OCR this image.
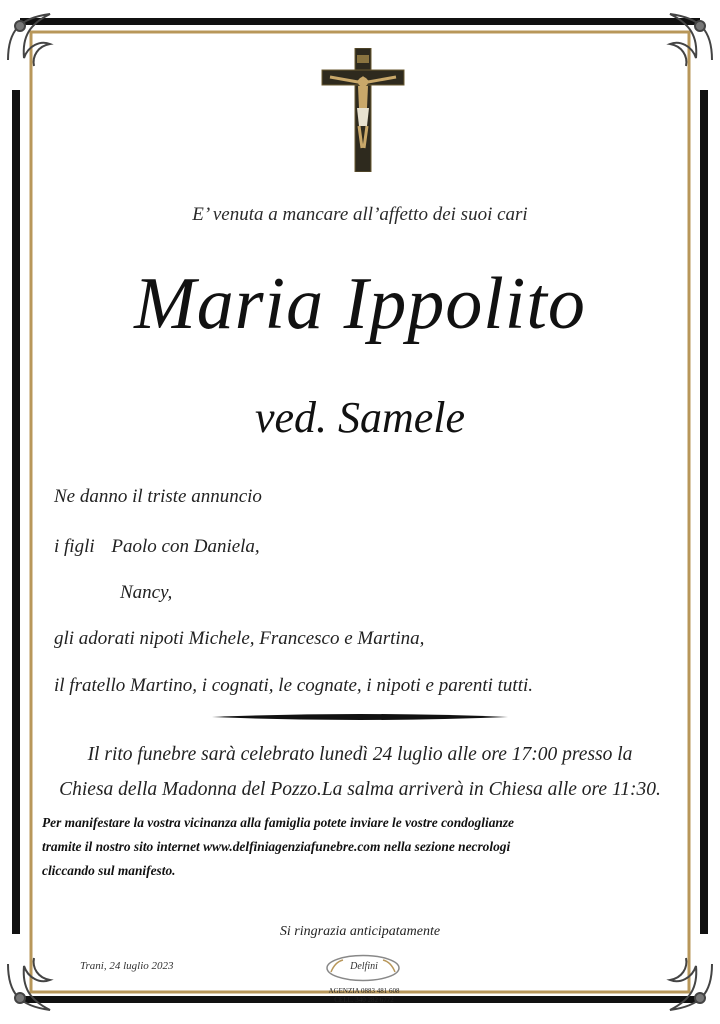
E’ venuta a mancare all’affetto dei suoi cari
Maria Ippolito
ved. Samele
Ne danno il triste annuncio
i figli Paolo con Daniela,
Nancy,
gli adorati nipoti Michele, Francesco e Martina,
il fratello Martino, i cognati, le cognate, i nipoti e parenti tutti.
Il rito funebre sarà celebrato lunedì 24 luglio alle ore 17:00 presso la
Chiesa della Madonna del Pozzo.La salma arriverà in Chiesa alle ore 11:30.
Per manifestare la vostra vicinanza alla famiglia potete inviare le vostre condoglianze
tramite il nostro sito internet www.delfiniagenziafunebre.com nella sezione necrologi
cliccando sul manifesto.
Si ringrazia anticipatamente
Trani, 24 luglio 2023	Delfini
AGENZIA 0883 481 608
CELL. 340 282 6772
